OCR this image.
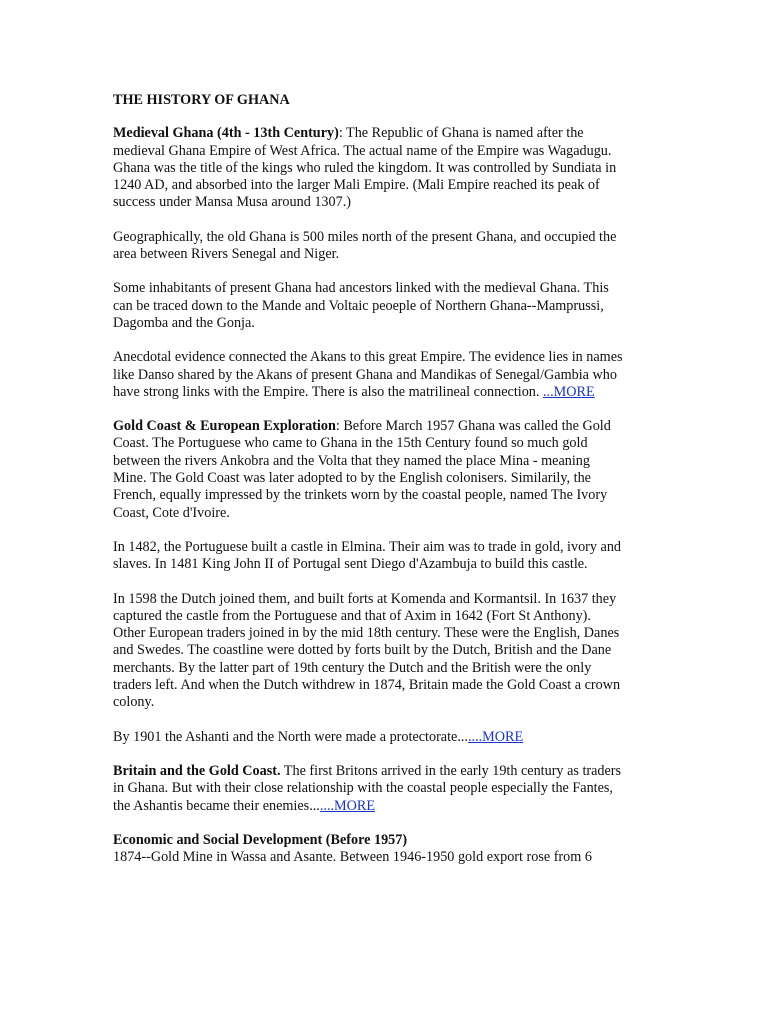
THE HISTORY OF GHANA
Medieval Ghana (4th - 13th Century): The Republic of Ghana is named after the
medieval Ghana Empire of West Africa. The actual name of the Empire was Wagadugu.
Ghana was the title of the kings who ruled the kingdom. It was controlled by Sundiata in
1240 AD, and absorbed into the larger Mali Empire. (Mali Empire reached its peak of
success under Mansa Musa around 1307.)
Geographically, the old Ghana is 500 miles north of the present Ghana, and occupied the
area between Rivers Senegal and Niger.
Some inhabitants of present Ghana had ancestors linked with the medieval Ghana. This
can be traced down to the Mande and Voltaic peoeple of Northern Ghana--Mamprussi,
Dagomba and the Gonja.
Anecdotal evidence connected the Akans to this great Empire. The evidence lies in names
like Danso shared by the Akans of present Ghana and Mandikas of Senegal/Gambia who
have strong links with the Empire. There is also the matrilineal connection. ...MORE
Gold Coast & European Exploration: Before March 1957 Ghana was called the Gold
Coast. The Portuguese who came to Ghana in the 15th Century found so much gold
between the rivers Ankobra and the Volta that they named the place Mina - meaning
Mine. The Gold Coast was later adopted to by the English colonisers. Similarily, the
French, equally impressed by the trinkets worn by the coastal people, named The Ivory
Coast, Cote d'Ivoire.
In 1482, the Portuguese built a castle in Elmina. Their aim was to trade in gold, ivory and
slaves. In 1481 King John II of Portugal sent Diego d'Azambuja to build this castle.
In 1598 the Dutch joined them, and built forts at Komenda and Kormantsil. In 1637 they
captured the castle from the Portuguese and that of Axim in 1642 (Fort St Anthony).
Other European traders joined in by the mid 18th century. These were the English, Danes
and Swedes. The coastline were dotted by forts built by the Dutch, British and the Dane
merchants. By the latter part of 19th century the Dutch and the British were the only
traders left. And when the Dutch withdrew in 1874, Britain made the Gold Coast a crown
colony.
By 1901 the Ashanti and the North were made a protectorate.......MORE
Britain and the Gold Coast. The first Britons arrived in the early 19th century as traders
in Ghana. But with their close relationship with the coastal people especially the Fantes,
the Ashantis became their enemies.......MORE
Economic and Social Development (Before 1957)
1874--Gold Mine in Wassa and Asante. Between 1946-1950 gold export rose from 6
